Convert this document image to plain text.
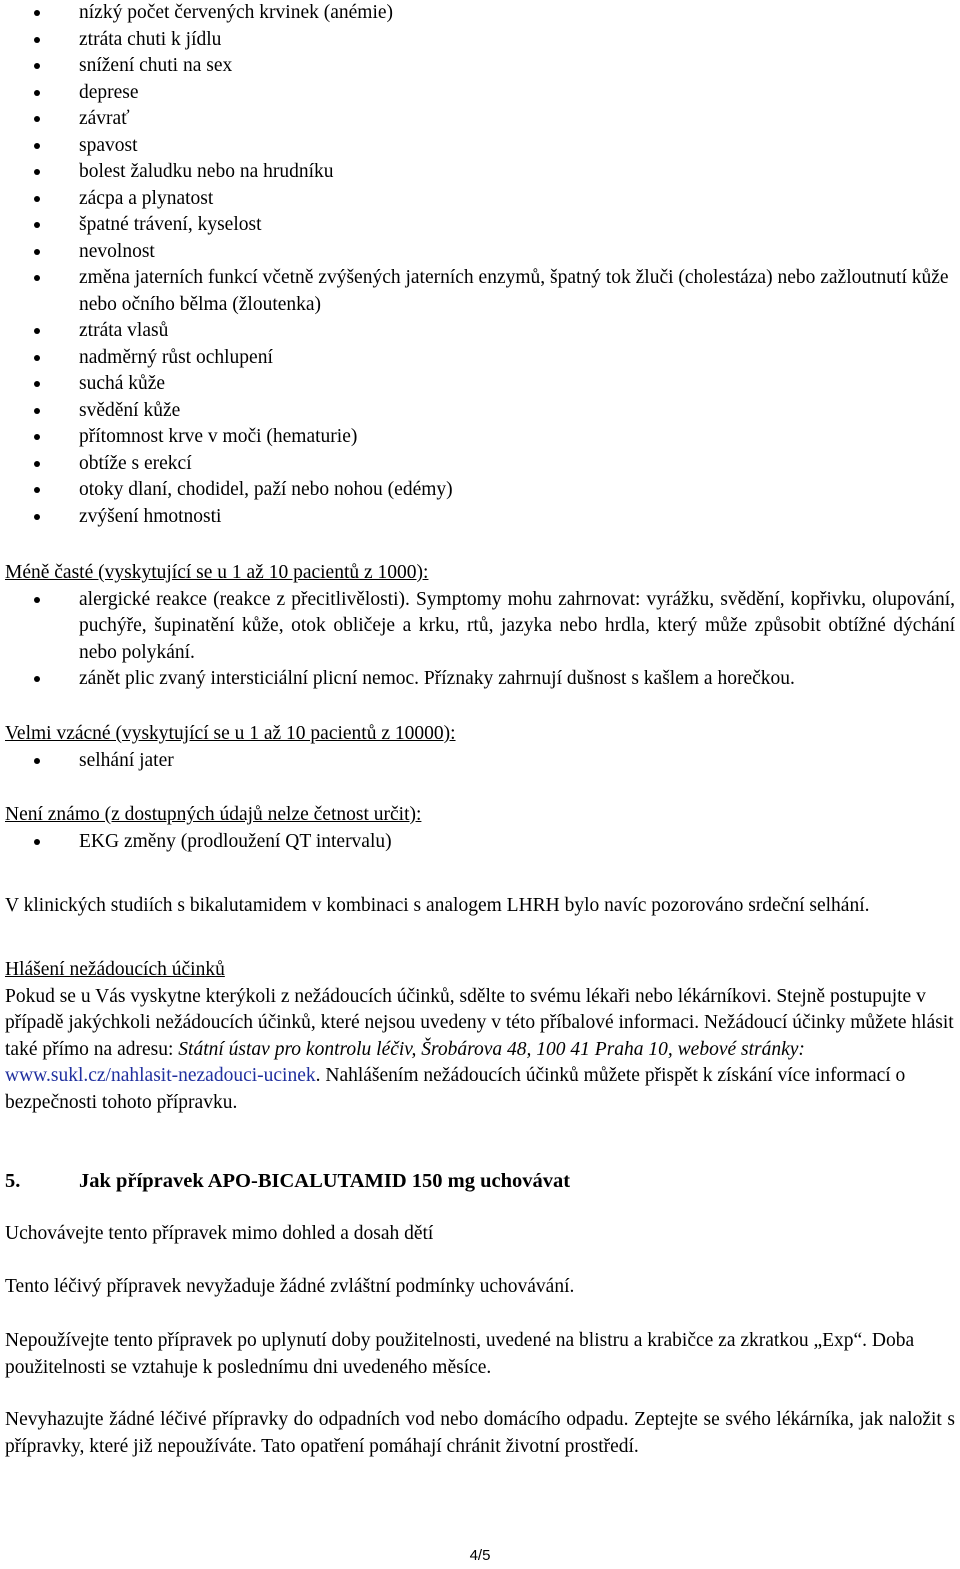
nízký počet červených krvinek (anémie)
ztráta chuti k jídlu
snížení chuti na sex
deprese
závrať
spavost
bolest žaludku nebo na hrudníku
zácpa a plynatost
špatné trávení, kyselost
nevolnost
změna jaterních funkcí včetně zvýšených jaterních enzymů, špatný tok žluči (cholestáza) nebo zažloutnutí kůže nebo očního bělma (žloutenka)
ztráta vlasů
nadměrný růst ochlupení
suchá kůže
svědění kůže
přítomnost krve v moči (hematurie)
obtíže s erekcí
otoky dlaní, chodidel, paží nebo nohou (edémy)
zvýšení hmotnosti
Méně časté (vyskytující se u 1 až 10 pacientů z 1000):
alergické reakce (reakce z přecitlivělosti). Symptomy mohu zahrnovat: vyrážku, svědění, kopřivku, olupování, puchýře, šupinatění kůže, otok obličeje a krku, rtů, jazyka nebo hrdla, který může způsobit obtížné dýchání nebo polykání.
zánět plic zvaný intersticiální plicní nemoc. Příznaky zahrnují dušnost s kašlem a horečkou.
Velmi vzácné (vyskytující se u 1 až 10 pacientů z 10000):
selhání jater
Není známo (z dostupných údajů nelze četnost určit):
EKG změny (prodloužení QT intervalu)
V klinických studiích s bikalutamidem v kombinaci s analogem LHRH bylo navíc pozorováno srdeční selhání.
Hlášení nežádoucích účinků
Pokud se u Vás vyskytne kterýkoli z nežádoucích účinků, sdělte to svému lékaři nebo lékárníkovi. Stejně postupujte v případě jakýchkoli nežádoucích účinků, které nejsou uvedeny v této příbalové informaci. Nežádoucí účinky můžete hlásit také přímo na adresu: Státní ústav pro kontrolu léčiv, Šrobárova 48, 100 41 Praha 10, webové stránky: www.sukl.cz/nahlasit-nezadouci-ucinek. Nahlášením nežádoucích účinků můžete přispět k získání více informací o bezpečnosti tohoto přípravku.
5.	Jak přípravek APO-BICALUTAMID 150 mg uchovávat
Uchovávejte tento přípravek mimo dohled a dosah dětí
Tento léčivý přípravek nevyžaduje žádné zvláštní podmínky uchovávání.
Nepoužívejte tento přípravek po uplynutí doby použitelnosti, uvedené na blistru a krabičce za zkratkou „Exp“. Doba použitelnosti se vztahuje k poslednímu dni uvedeného měsíce.
Nevyhazujte žádné léčivé přípravky do odpadních vod nebo domácího odpadu. Zeptejte se svého lékárníka, jak naložit s přípravky, které již nepoužíváte. Tato opatření pomáhají chránit životní prostředí.
4/5
